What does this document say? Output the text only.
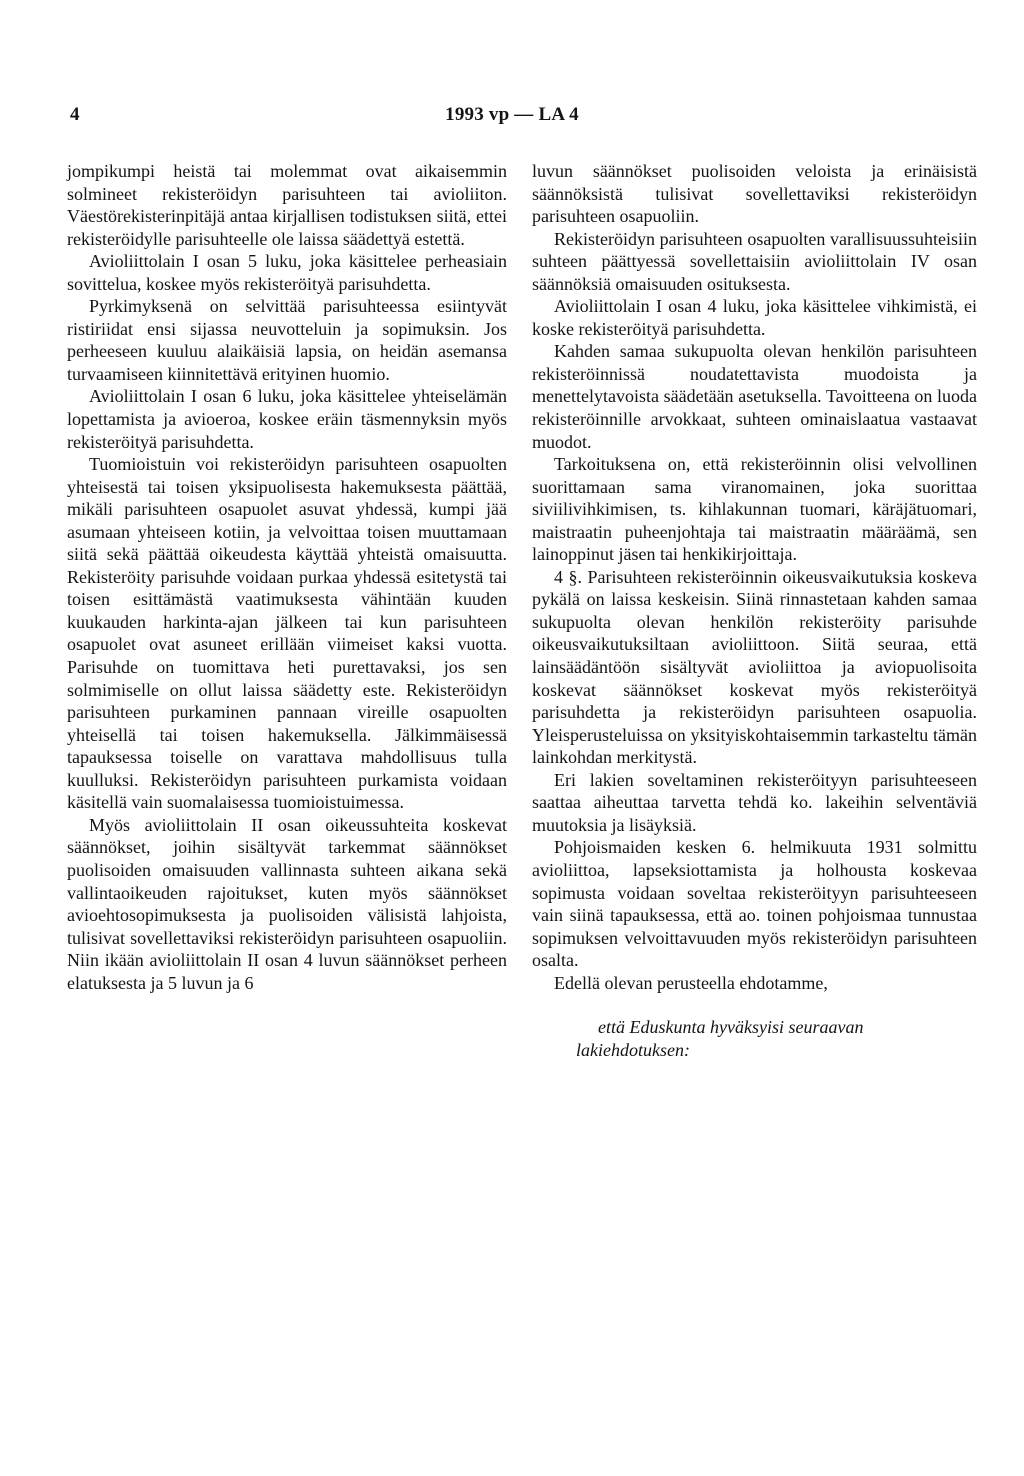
4	1993 vp — LA 4

jompikumpi heistä tai molemmat ovat aikaisemmin solmineet rekisteröidyn parisuhteen tai avioliiton. Väestörekisterinpitäjä antaa kirjallisen todistuksen siitä, ettei rekisteröidylle parisuhteelle ole laissa säädettyä estettä.

Avioliittolain I osan 5 luku, joka käsittelee perheasiain sovittelua, koskee myös rekisteröityä parisuhdetta.

Pyrkimyksenä on selvittää parisuhteessa esiintyvät ristiriidat ensi sijassa neuvotteluin ja sopimuksin. Jos perheeseen kuuluu alaikäisiä lapsia, on heidän asemansa turvaamiseen kiinnitettävä erityinen huomio.

Avioliittolain I osan 6 luku, joka käsittelee yhteiselämän lopettamista ja avioeroa, koskee eräin täsmennyksin myös rekisteröityä parisuhdetta.

Tuomioistuin voi rekisteröidyn parisuhteen osapuolten yhteisestä tai toisen yksipuolisesta hakemuksesta päättää, mikäli parisuhteen osapuolet asuvat yhdessä, kumpi jää asumaan yhteiseen kotiin, ja velvoittaa toisen muuttamaan siitä sekä päättää oikeudesta käyttää yhteistä omaisuutta. Rekisteröity parisuhde voidaan purkaa yhdessä esitetystä tai toisen esittämästä vaatimuksesta vähintään kuuden kuukauden harkinta-ajan jälkeen tai kun parisuhteen osapuolet ovat asuneet erillään viimeiset kaksi vuotta. Parisuhde on tuomittava heti purettavaksi, jos sen solmimiselle on ollut laissa säädetty este. Rekisteröidyn parisuhteen purkaminen pannaan vireille osapuolten yhteisellä tai toisen hakemuksella. Jälkimmäisessä tapauksessa toiselle on varattava mahdollisuus tulla kuulluksi. Rekisteröidyn parisuhteen purkamista voidaan käsitellä vain suomalaisessa tuomioistuimessa.

Myös avioliittolain II osan oikeussuhteita koskevat säännökset, joihin sisältyvät tarkemmat säännökset puolisoiden omaisuuden vallinnasta suhteen aikana sekä vallintaoikeuden rajoitukset, kuten myös säännökset avioehtosopimuksesta ja puolisoiden välisistä lahjoista, tulisivat sovellettaviksi rekisteröidyn parisuhteen osapuoliin. Niin ikään avioliittolain II osan 4 luvun säännökset perheen elatuksesta ja 5 luvun ja 6

luvun säännökset puolisoiden veloista ja erinäisistä säännöksistä tulisivat sovellettaviksi rekisteröidyn parisuhteen osapuoliin.

Rekisteröidyn parisuhteen osapuolten varallisuussuhteisiin suhteen päättyessä sovellettaisiin avioliittolain IV osan säännöksiä omaisuuden osituksesta.

Avioliittolain I osan 4 luku, joka käsittelee vihkimistä, ei koske rekisteröityä parisuhdetta.

Kahden samaa sukupuolta olevan henkilön parisuhteen rekisteröinnissä noudatettavista muodoista ja menettelytavoista säädetään asetuksella. Tavoitteena on luoda rekisteröinnille arvokkaat, suhteen ominaislaatua vastaavat muodot.

Tarkoituksena on, että rekisteröinnin olisi velvollinen suorittamaan sama viranomainen, joka suorittaa siviilivihkimisen, ts. kihlakunnan tuomari, käräjätuomari, maistraatin puheenjohtaja tai maistraatin määräämä, sen lainoppinut jäsen tai henkikirjoittaja.

4 §. Parisuhteen rekisteröinnin oikeusvaikutuksia koskeva pykälä on laissa keskeisin. Siinä rinnastetaan kahden samaa sukupuolta olevan henkilön rekisteröity parisuhde oikeusvaikutuksiltaan avioliittoon. Siitä seuraa, että lainsäädäntöön sisältyvät avioliittoa ja aviopuolisoita koskevat säännökset koskevat myös rekisteröityä parisuhdetta ja rekisteröidyn parisuhteen osapuolia. Yleisperusteluissa on yksityiskohtaisemmin tarkasteltu tämän lainkohdan merkitystä.

Eri lakien soveltaminen rekisteröityyn parisuhteeseen saattaa aiheuttaa tarvetta tehdä ko. lakeihin selventäviä muutoksia ja lisäyksiä.

Pohjoismaiden kesken 6. helmikuuta 1931 solmittu avioliittoa, lapseksiottamista ja holhousta koskevaa sopimusta voidaan soveltaa rekisteröityyn parisuhteeseen vain siinä tapauksessa, että ao. toinen pohjoismaa tunnustaa sopimuksen velvoittavuuden myös rekisteröidyn parisuhteen osalta.

Edellä olevan perusteella ehdotamme,

että Eduskunta hyväksyisi seuraavan lakiehdotuksen:
